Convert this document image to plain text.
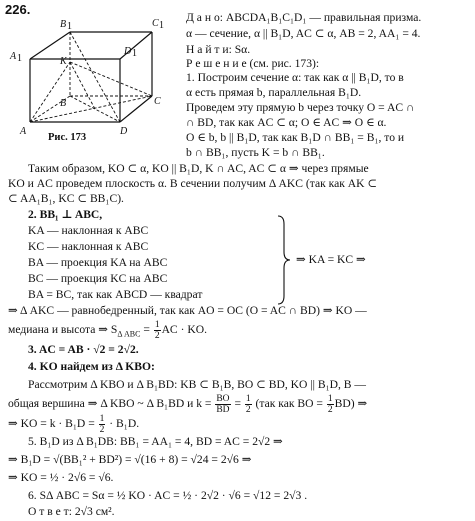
226.
B 1	C 1
A 1
D 1
K
B	C
A	D
Рис. 173
Д а н о: ABCDA₁B₁C₁D₁ — правильная призма.
α — сечение, α || B₁D, AC ⊂ α, AB = 2, AA₁ = 4.
Н а й т и: Sα.
Р е ш е н и е (см. рис. 173):
1. Построим сечение α: так как α || B₁D, то в
α есть прямая b, параллельная B₁D.
Проведем эту прямую b через точку O = AC ∩
∩ BD, так как AC ⊂ α; O ∈ AC ⇒ O ∈ α.
O ∈ b, b || B₁D, так как B₁D ∩ BB₁ = B₁, то и
b ∩ BB₁, пусть K = b ∩ BB₁.
Таким образом, KO ⊂ α, KO || B₁D, K ∩ AC, AC ⊂ α ⇒ через прямые
KO и AC проведем плоскость α. В сечении получим Δ AKC (так как AK ⊂
⊂ AA₁B₁, KC ⊂ BB₁C).
2. BB₁ ⊥ ABC,
KA — наклонная к ABC
KC — наклонная к ABC
BA — проекция KA на ABC
BC — проекция KC на ABC
BA = BC, так как ABCD — квадрат
⇒ KA = KC ⇒
⇒ Δ AKC — равнобедренный, так как AO = OC (O = AC ∩ BD) ⇒ KO —
медиана и высота ⇒ $S_{\Delta ABC} = \frac{1}{2}$ AC · KO.
3. AC = AB · √2 = 2√2.
4. KO найдем из Δ KBO:
Рассмотрим Δ KBO и Δ B₁BD: KB ⊂ B₁B, BO ⊂ BD, KO || B₁D, B —
общая вершина ⇒ Δ KBO ~ Δ B₁BD и $k = \frac{BO}{BD} = \frac{1}{2} (так$ как BO = $\frac{1}{2} BD$) ⇒
⇒ KO = $k \cdot B_1D = \frac{1}{2} \cdot B_1D$.
5. B₁D из Δ B₁DB: BB₁ = AA₁ = 4, BD = AC = 2√2 ⇒
⇒ B₁D = √(BB₁² + BD²) = √(16 + 8) = √24 = 2√6 ⇒
⇒ KO = ½ · 2√6 = √6.
6. SΔ ABC = Sα = ½ KO · AC = ½ · 2√2 · √6 = √12 = 2√3 .
О т в е т: 2√3 см².
